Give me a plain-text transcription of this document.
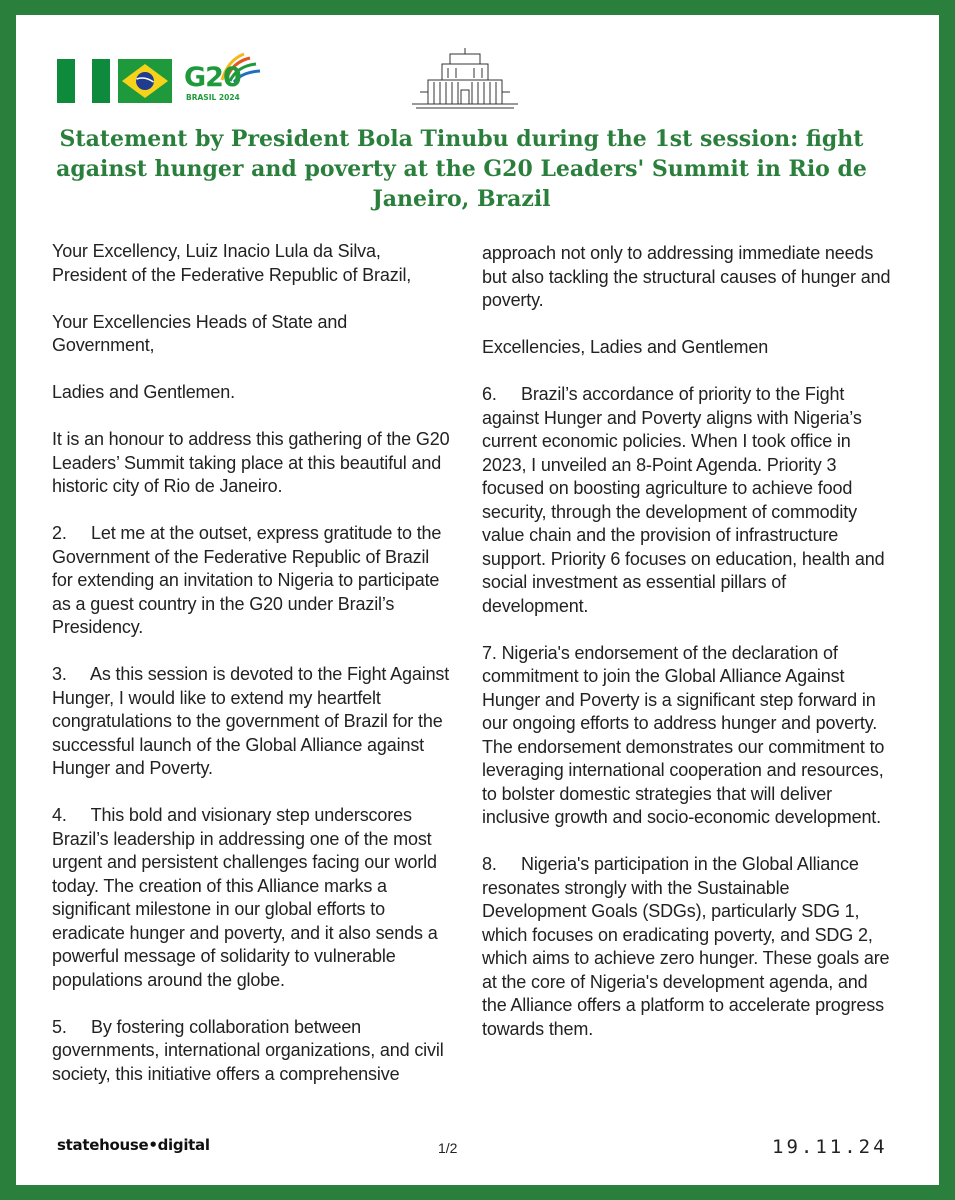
G20
BRASIL 2024
Statement by President Bola Tinubu during the 1st session: fight against hunger and poverty at the G20 Leaders' Summit in Rio de Janeiro, Brazil

Your Excellency, Luiz Inacio Lula da Silva, President of the Federative Republic of Brazil,

Your Excellencies Heads of State and Government,

Ladies and Gentlemen.

It is an honour to address this gathering of the G20 Leaders’ Summit taking place at this beautiful and historic city of Rio de Janeiro.

2.     Let me at the outset, express gratitude to the Government of the Federative Republic of Brazil for extending an invitation to Nigeria to participate as a guest country in the G20 under Brazil’s Presidency.

3.     As this session is devoted to the Fight Against Hunger, I would like to extend my heartfelt congratulations to the government of Brazil for the successful launch of the Global Alliance against Hunger and Poverty.

4.     This bold and visionary step underscores Brazil’s leadership in addressing one of the most urgent and persistent challenges facing our world today. The creation of this Alliance marks a significant milestone in our global efforts to eradicate hunger and poverty, and it also sends a powerful message of solidarity to vulnerable populations around the globe.

5.     By fostering collaboration between governments, international organizations, and civil society, this initiative offers a comprehensive

approach not only to addressing immediate needs but also tackling the structural causes of hunger and poverty.

Excellencies, Ladies and Gentlemen

6.     Brazil’s accordance of priority to the Fight against Hunger and Poverty aligns with Nigeria’s current economic policies. When I took office in 2023, I unveiled an 8-Point Agenda. Priority 3 focused on boosting agriculture to achieve food security, through the development of commodity value chain and the provision of infrastructure support. Priority 6 focuses on education, health and social investment as essential pillars of development.

7. Nigeria's endorsement of the declaration of commitment to join the Global Alliance Against Hunger and Poverty is a significant step forward in our ongoing efforts to address hunger and poverty. The endorsement demonstrates our commitment to leveraging international cooperation and resources, to bolster domestic strategies that will deliver inclusive growth and socio-economic development.

8.     Nigeria's participation in the Global Alliance resonates strongly with the Sustainable Development Goals (SDGs), particularly SDG 1, which focuses on eradicating poverty, and SDG 2, which aims to achieve zero hunger. These goals are at the core of Nigeria's development agenda, and the Alliance offers a platform to accelerate progress towards them.

statehouse•digital	1/2	19.11.24
